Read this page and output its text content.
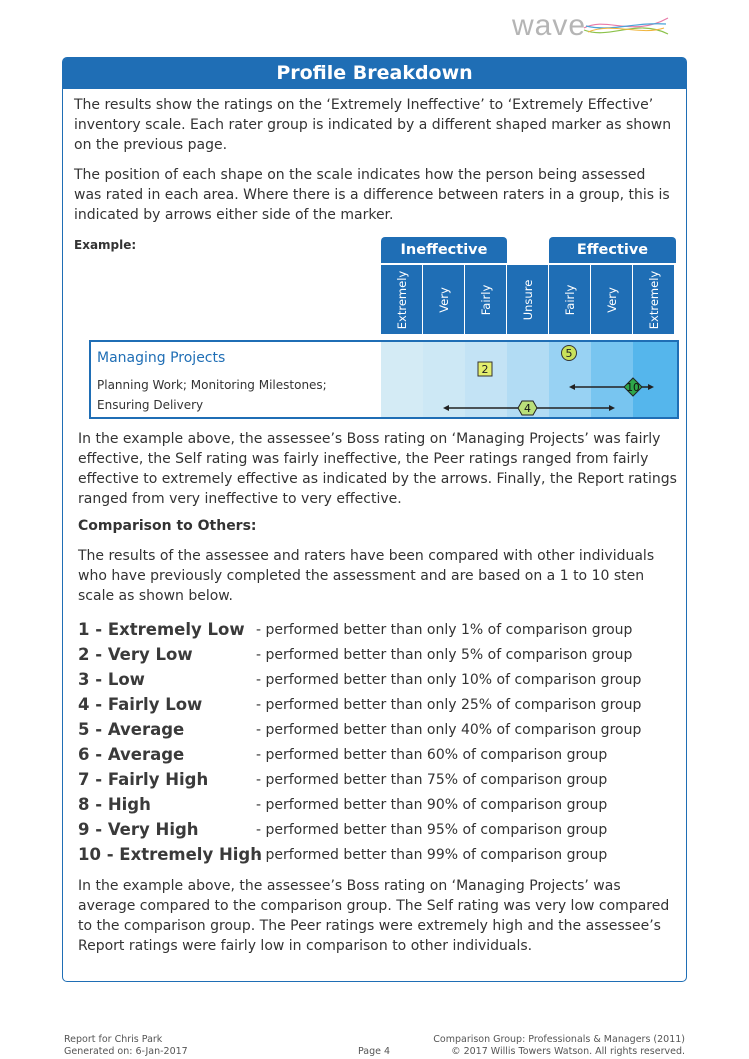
wave
Profile Breakdown

The results show the ratings on the ‘Extremely Ineffective’ to ‘Extremely Effective’ inventory scale. Each rater group is indicated by a different shaped marker as shown on the previous page.

The position of each shape on the scale indicates how the person being assessed was rated in each area. Where there is a difference between raters in a group, this is indicated by arrows either side of the marker.

Example:	Ineffective	Effective
Extremely Very Fairly Unsure Fairly Very Extremely
5
2
10
4
Managing Projects
Planning Work; Monitoring Milestones; Ensuring Delivery

In the example above, the assessee’s Boss rating on ‘Managing Projects’ was fairly effective, the Self rating was fairly ineffective, the Peer ratings ranged from fairly effective to extremely effective as indicated by the arrows. Finally, the Report ratings ranged from very ineffective to very effective.

Comparison to Others:

The results of the assessee and raters have been compared with other individuals who have previously completed the assessment and are based on a 1 to 10 sten scale as shown below.

1 - Extremely Low - performed better than only 1% of comparison group
2 - Very Low	- performed better than only 5% of comparison group
3 - Low	- performed better than only 10% of comparison group
4 - Fairly Low	- performed better than only 25% of comparison group
5 - Average	- performed better than only 40% of comparison group
6 - Average	- performed better than 60% of comparison group
7 - Fairly High	- performed better than 75% of comparison group
8 - High	- performed better than 90% of comparison group
9 - Very High	- performed better than 95% of comparison group
10 - Extremely High
- performed better than 99% of comparison group

In the example above, the assessee’s Boss rating on ‘Managing Projects’ was average compared to the comparison group. The Self rating was very low compared to the comparison group. The Peer ratings were extremely high and the assessee’s Report ratings were fairly low in comparison to other individuals.

Report for Chris Park
Generated on: 6-Jan-2017	Page 4
Comparison Group: Professionals & Managers (2011)
© 2017 Willis Towers Watson. All rights reserved.
